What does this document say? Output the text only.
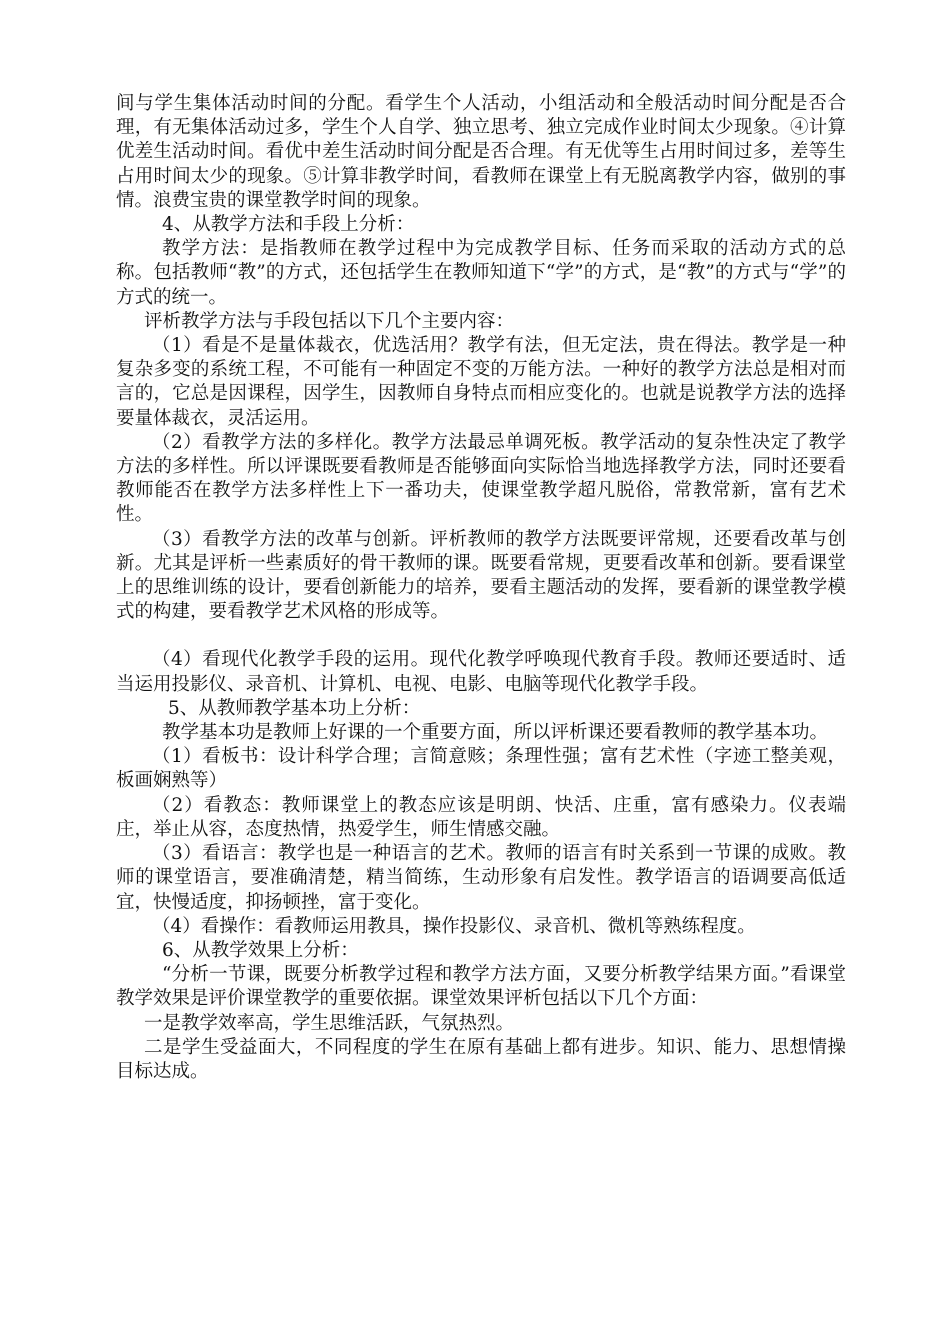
间与学生集体活动时间的分配。看学生个人活动，小组活动和全般活动时间分配是否合理，有无集体活动过多，学生个人自学、独立思考、独立完成作业时间太少现象。④计算优差生活动时间。看优中差生活动时间分配是否合理。有无优等生占用时间过多，差等生占用时间太少的现象。⑤计算非教学时间，看教师在课堂上有无脱离教学内容，做别的事情。浪费宝贵的课堂教学时间的现象。

4、从教学方法和手段上分析：

教学方法：是指教师在教学过程中为完成教学目标、任务而采取的活动方式的总称。包括教师“教”的方式，还包括学生在教师知道下“学”的方式，是“教”的方式与“学”的方式的统一。

评析教学方法与手段包括以下几个主要内容：

（1）看是不是量体裁衣，优选活用？教学有法，但无定法，贵在得法。教学是一种复杂多变的系统工程，不可能有一种固定不变的万能方法。一种好的教学方法总是相对而言的，它总是因课程，因学生，因教师自身特点而相应变化的。也就是说教学方法的选择要量体裁衣，灵活运用。

（2）看教学方法的多样化。教学方法最忌单调死板。教学活动的复杂性决定了教学方法的多样性。所以评课既要看教师是否能够面向实际恰当地选择教学方法，同时还要看教师能否在教学方法多样性上下一番功夫，使课堂教学超凡脱俗，常教常新，富有艺术性。

（3）看教学方法的改革与创新。评析教师的教学方法既要评常规，还要看改革与创新。尤其是评析一些素质好的骨干教师的课。既要看常规，更要看改革和创新。要看课堂上的思维训练的设计，要看创新能力的培养，要看主题活动的发挥，要看新的课堂教学模式的构建，要看教学艺术风格的形成等。

（4）看现代化教学手段的运用。现代化教学呼唤现代教育手段。教师还要适时、适当运用投影仪、录音机、计算机、电视、电影、电脑等现代化教学手段。

5、从教师教学基本功上分析：

教学基本功是教师上好课的一个重要方面，所以评析课还要看教师的教学基本功。

（1）看板书：设计科学合理；言简意赅；条理性强；富有艺术性（字迹工整美观，板画娴熟等）

（2）看教态：教师课堂上的教态应该是明朗、快活、庄重，富有感染力。仪表端庄，举止从容，态度热情，热爱学生，师生情感交融。

（3）看语言：教学也是一种语言的艺术。教师的语言有时关系到一节课的成败。教师的课堂语言，要准确清楚，精当简练，生动形象有启发性。教学语言的语调要高低适宜，快慢适度，抑扬顿挫，富于变化。

（4）看操作：看教师运用教具，操作投影仪、录音机、微机等熟练程度。

6、从教学效果上分析：

“分析一节课，既要分析教学过程和教学方法方面，又要分析教学结果方面。”看课堂教学效果是评价课堂教学的重要依据。课堂效果评析包括以下几个方面：

一是教学效率高，学生思维活跃，气氛热烈。

二是学生受益面大，不同程度的学生在原有基础上都有进步。知识、能力、思想情操目标达成。
